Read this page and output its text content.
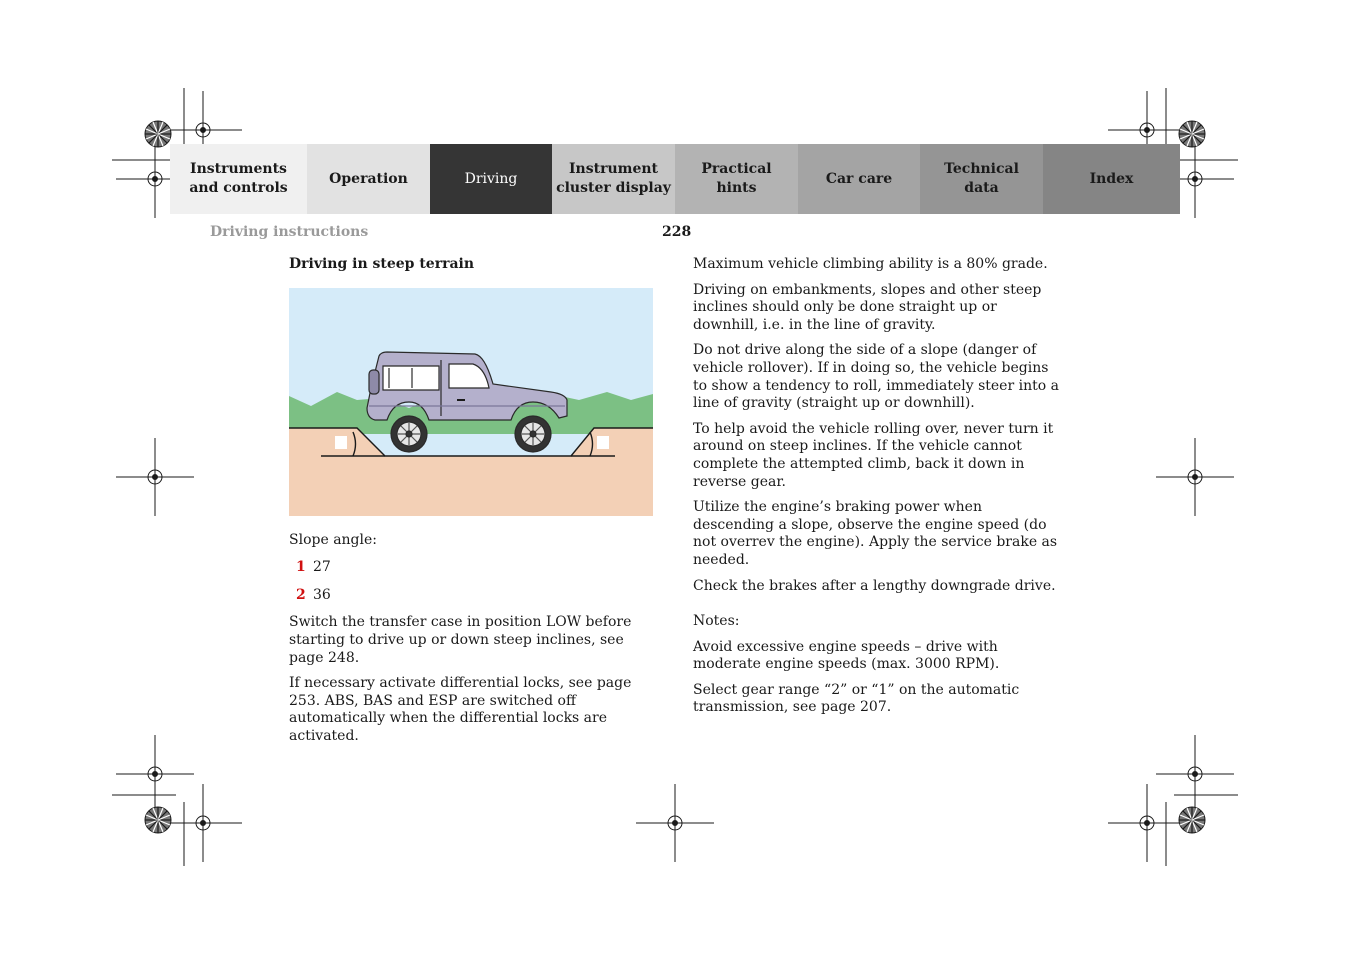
Instruments
and controls
Operation	Driving
Instrument
cluster display
Practical hints
Car care
Technical
data
Index
Driving instructions	228

Driving in steep terrain

Slope angle:

1 27
2 36

Switch the transfer case in position LOW before starting to drive up or down steep inclines, see page 248.

If necessary activate differential locks, see page 253. ABS, BAS and ESP are switched off automatically when the differential locks are activated.

Maximum vehicle climbing ability is a 80% grade.

Driving on embankments, slopes and other steep inclines should only be done straight up or downhill, i.e. in the line of gravity.

Do not drive along the side of a slope (danger of vehicle rollover). If in doing so, the vehicle begins to show a tendency to roll, immediately steer into a line of gravity (straight up or downhill).

To help avoid the vehicle rolling over, never turn it around on steep inclines. If the vehicle cannot complete the attempted climb, back it down in reverse gear.

Utilize the engine’s braking power when descending a slope, observe the engine speed (do not overrev the engine). Apply the service brake as needed.

Check the brakes after a lengthy downgrade drive.

Notes:

Avoid excessive engine speeds – drive with moderate engine speeds (max. 3000 RPM).

Select gear range “2” or “1” on the automatic transmission, see page 207.
